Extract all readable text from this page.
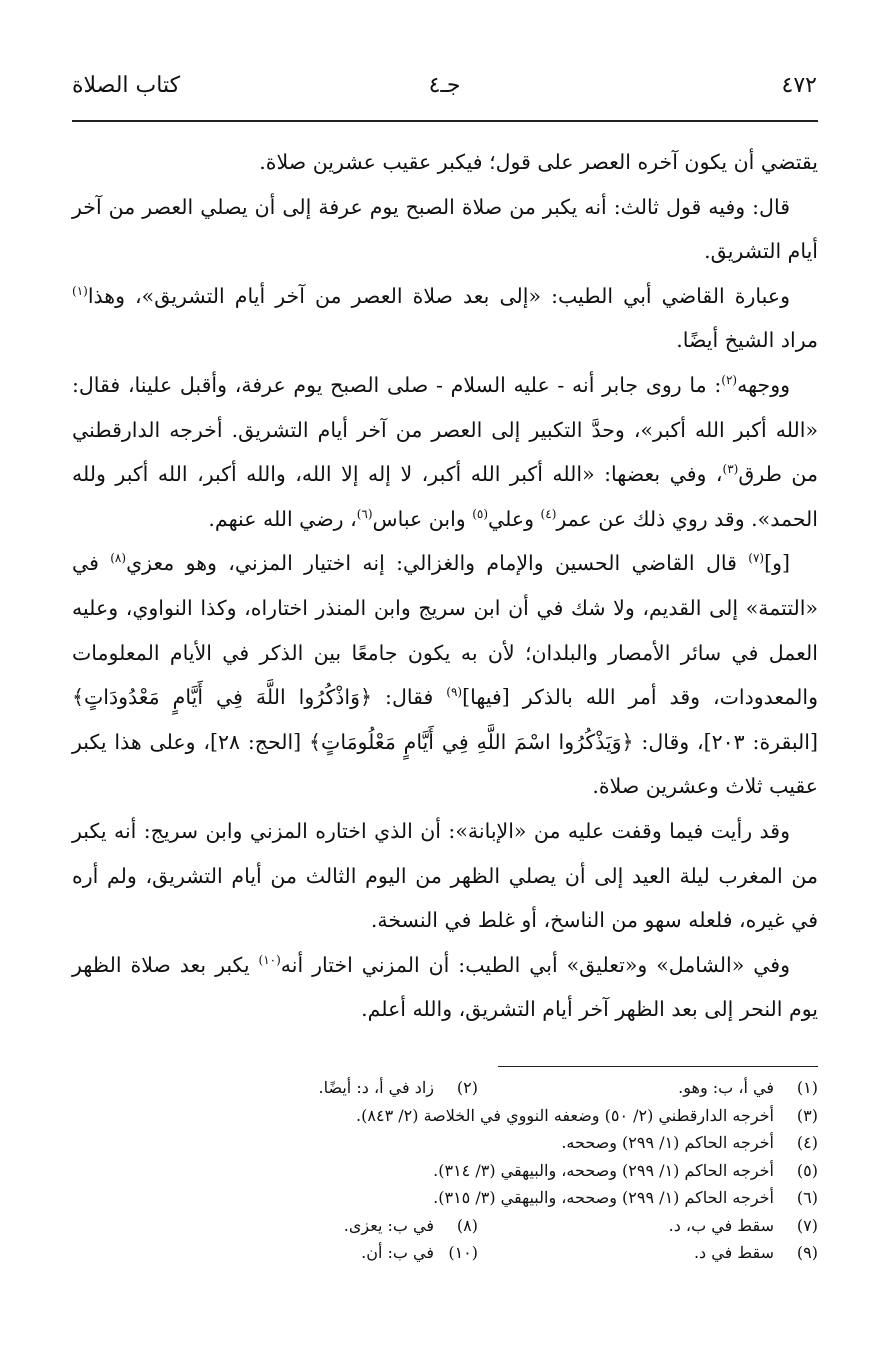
٤٧٢
جـ٤
كتاب الصلاة

يقتضي أن يكون آخره العصر على قول؛ فيكبر عقيب عشرين صلاة.

قال: وفيه قول ثالث: أنه يكبر من صلاة الصبح يوم عرفة إلى أن يصلي العصر من آخر أيام التشريق.

وعبارة القاضي أبي الطيب: «إلى بعد صلاة العصر من آخر أيام التشريق»، وهذا$^{(١)}$ مراد الشيخ أيضًا.

ووجهه$^{(٢)}$: ما روى جابر أنه - عليه السلام - صلى الصبح يوم عرفة، وأقبل علينا، فقال: «الله أكبر الله أكبر»، وحدَّ التكبير إلى العصر من آخر أيام التشريق. أخرجه الدارقطني من طرق$^{(٣)}$، وفي بعضها: «الله أكبر الله أكبر، لا إله إلا الله، والله أكبر، الله أكبر ولله الحمد». وقد روي ذلك عن عمر$^{(٤)}$ وعلي$^{(٥)}$ وابن عباس$^{(٦)}$، رضي الله عنهم.

[و]$^{(٧)}$ قال القاضي الحسين والإمام والغزالي: إنه اختيار المزني، وهو معزي$^{(٨)}$ في «التتمة» إلى القديم، ولا شك في أن ابن سريج وابن المنذر اختاراه، وكذا النواوي، وعليه العمل في سائر الأمصار والبلدان؛ لأن به يكون جامعًا بين الذكر في الأيام المعلومات والمعدودات، وقد أمر الله بالذكر [فيها]$^{(٩)}$ فقال: ﴿وَاذْكُرُوا اللَّهَ فِي أَيَّامٍ مَعْدُودَاتٍ﴾ [البقرة: ٢٠٣]، وقال: ﴿وَيَذْكُرُوا اسْمَ اللَّهِ فِي أَيَّامٍ مَعْلُومَاتٍ﴾ [الحج: ٢٨]، وعلى هذا يكبر عقيب ثلاث وعشرين صلاة.

وقد رأيت فيما وقفت عليه من «الإبانة»: أن الذي اختاره المزني وابن سريج: أنه يكبر من المغرب ليلة العيد إلى أن يصلي الظهر من اليوم الثالث من أيام التشريق، ولم أره في غيره، فلعله سهو من الناسخ، أو غلط في النسخة.

وفي «الشامل» و«تعليق» أبي الطيب: أن المزني اختار أنه$^{(١٠)}$ يكبر بعد صلاة الظهر يوم النحر إلى بعد الظهر آخر أيام التشريق، والله أعلم.

(١)
في أ، ب: وهو.
(٢)
زاد في أ، د: أيضًا.
(٣)
أخرجه الدارقطني (٢/ ٥٠) وضعفه النووي في الخلاصة (٢/ ٨٤٣).
(٤)
أخرجه الحاكم (١/ ٢٩٩) وصححه.
(٥)
أخرجه الحاكم (١/ ٢٩٩) وصححه، والبيهقي (٣/ ٣١٤).
(٦)
أخرجه الحاكم (١/ ٢٩٩) وصححه، والبيهقي (٣/ ٣١٥).
(٧)
سقط في ب، د.
(٨)
في ب: يعزى.
(٩)
سقط في د.
(١٠)
في ب: أن.
